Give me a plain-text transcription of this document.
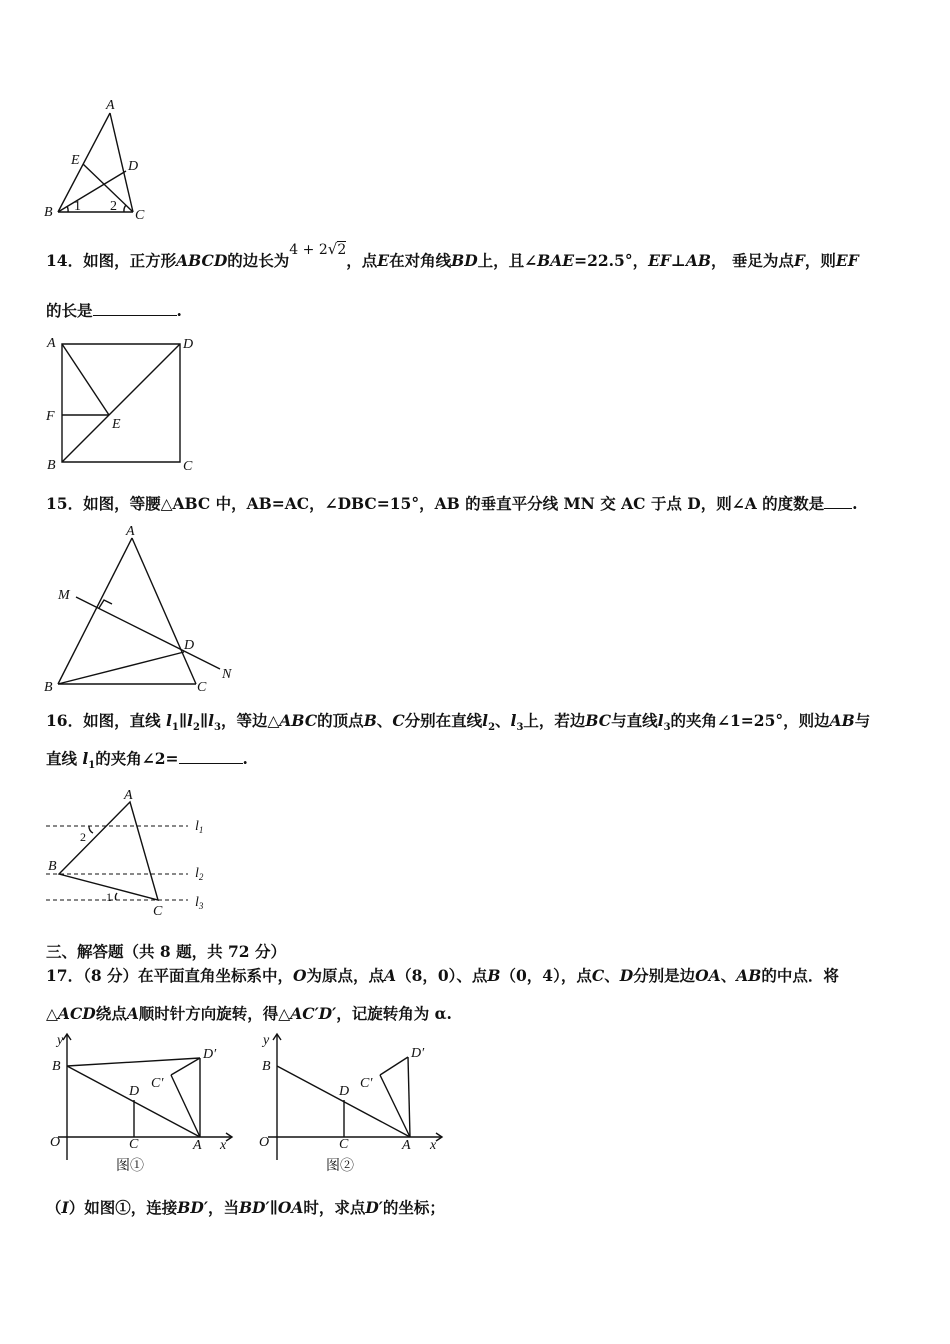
A
B	C
D
E
1 2
14．如图，正方形ABCD的边长为4 + 2√2，点E在对角线BD上，且∠BAE=22.5°，EF⊥AB， 垂足为点F，则EF
的长是	.
A	D
B	C
F
E
15．如图，等腰△ABC 中，AB=AC，∠DBC=15°，AB 的垂直平分线 MN 交 AC 于点 D，则∠A 的度数是 .
A
M
D
N
B	C
16．如图，直线 $l_1\parallel l_2\parallel l_3$，等边△ABC的顶点B、C分别在直线$l_2$、$l_3$上，若边BC与直线$l_3$的夹角∠1=25°，则边AB与
直线 $l_1$的夹角∠2=	.
A
B
C
2
1
$l_1$
$l_2$
$l_3$
三、解答题（共 8 题，共 72 分）
17．（8 分）在平面直角坐标系中，O为原点，点A（8，0）、点B（0，4），点C、D分别是边OA、AB的中点．将
△ACD绕点A顺时针方向旋转，得△AC′D′，记旋转角为 α.
y
x
O
B
C	A
D
C′
D′
图①
y
x
O
B
C	A
D
C′
D′
图②
（I）如图①，连接BD′，当BD′∥OA时，求点D′的坐标；
